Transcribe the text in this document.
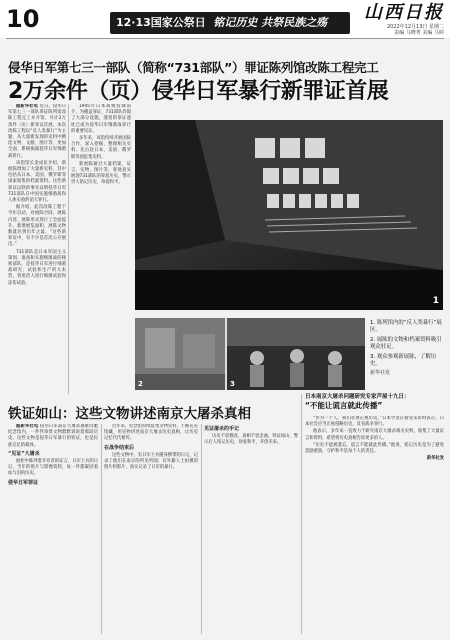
10	12·13国家公祭日 铭记历史 共祭民族之殇	山西日报
2022年12月13日 星期二
责编 马晓菁 美编 马婷
侵华日军第七三一部队（简称“731部队”）罪证陈列馆改陈工程完工
2万余件（页）侵华日军暴行新罪证首展

据新华社电 近日，侵华日军第七三一部队罪证陈列馆改陈工程完工并开馆，共计2万余件（页）新罪证首展。本次改陈工程以“反人类暴行”为主题，从大量新发现的史料中精选文物、文献、图片等，更加全面、系统揭露侵华日军细菌战罪行。

该馆馆长金成民介绍，新展陈增加了大量新史料，其中包括从日本、美国、俄罗斯等国家收集的档案资料。这些新罪证以铁的事实证明侵华日军731部队在中国实施细菌战和人体实验的滔天罪行。

据介绍，此次改陈工程于今年启动，对展陈空间、展陈内容、展陈形式进行了全面提升，新增展览面积，展陈文物数量达到历年之最，“这些新罪证中，有不少是首次公开展出。”

731部队是日本军国主义策划、准备和实施细菌战的秘密部队，是侵华日军进行细菌战研究、试验和生产的大本营，曾用活人进行细菌试验和冻伤试验。

1945年日本战败投降前夕，为掩盖罪证，731部队炸毁了大部分设施，遗留的罪证遗址已成为侵华日军细菌战罪行的重要见证。

多年来，该馆持续开展国际合作，深入挖掘、整理相关史料，先后赴日本、美国、俄罗斯等国征集史料。

新展陈通过大量档案、证言、实物、图片等，客观真实展现731部队的罪恶历史，警示世人铭记历史、珍爱和平。

1
2	3
1. 陈列馆内的“反人类暴行”展区。
2. 展陈的文物和档案资料吸引观众驻足。
3. 观众参观新展陈，了解历史。
新华社发
铁证如山：这些文物讲述南京大屠杀真相

据新华社电 侵华日军南京大屠杀遇难同胞纪念馆内，一件件珍贵文物默默诉说着那段历史。这些文物是侵华日军暴行的铁证，也是民族记忆的载体。

“见证”大屠杀

展柜中陈列着幸存者的证言、日军士兵的日记、当年的照片与影像资料，每一件都凝固着血与泪的历史。

侵华日军罪证

近年来，纪念馆持续征集文物史料，不断充实馆藏，用实物讲述南京大屠杀历史真相，让历史记忆代代相传。

在战争结束后

这些文物中，有日军士兵随身携带的日记，记录了他们在南京的所见所闻；有外籍人士拍摄的照片和影片，真实记录了日军的暴行。

见证屠杀的手记

历史不容篡改，真相不容歪曲。铁证如山，警示后人铭记历史，珍爱和平，开创未来。

日本南京大屠杀问题研究专家芦屋十九日：
“不能让谎言就此传播”

“作为一个人，我们必须正视历史。”日本学者在接受采访时表示，日本社会应当正视侵略历史，反省战争罪行。

他表示，多年来一直致力于研究南京大屠杀相关史料，收集了大量证言和资料，希望将历史真相告诉更多的人。

“历史不能被遗忘，谎言不能就此传播。”他说，铭记历史是为了避免悲剧重演，守护和平是每个人的责任。

新华社发
